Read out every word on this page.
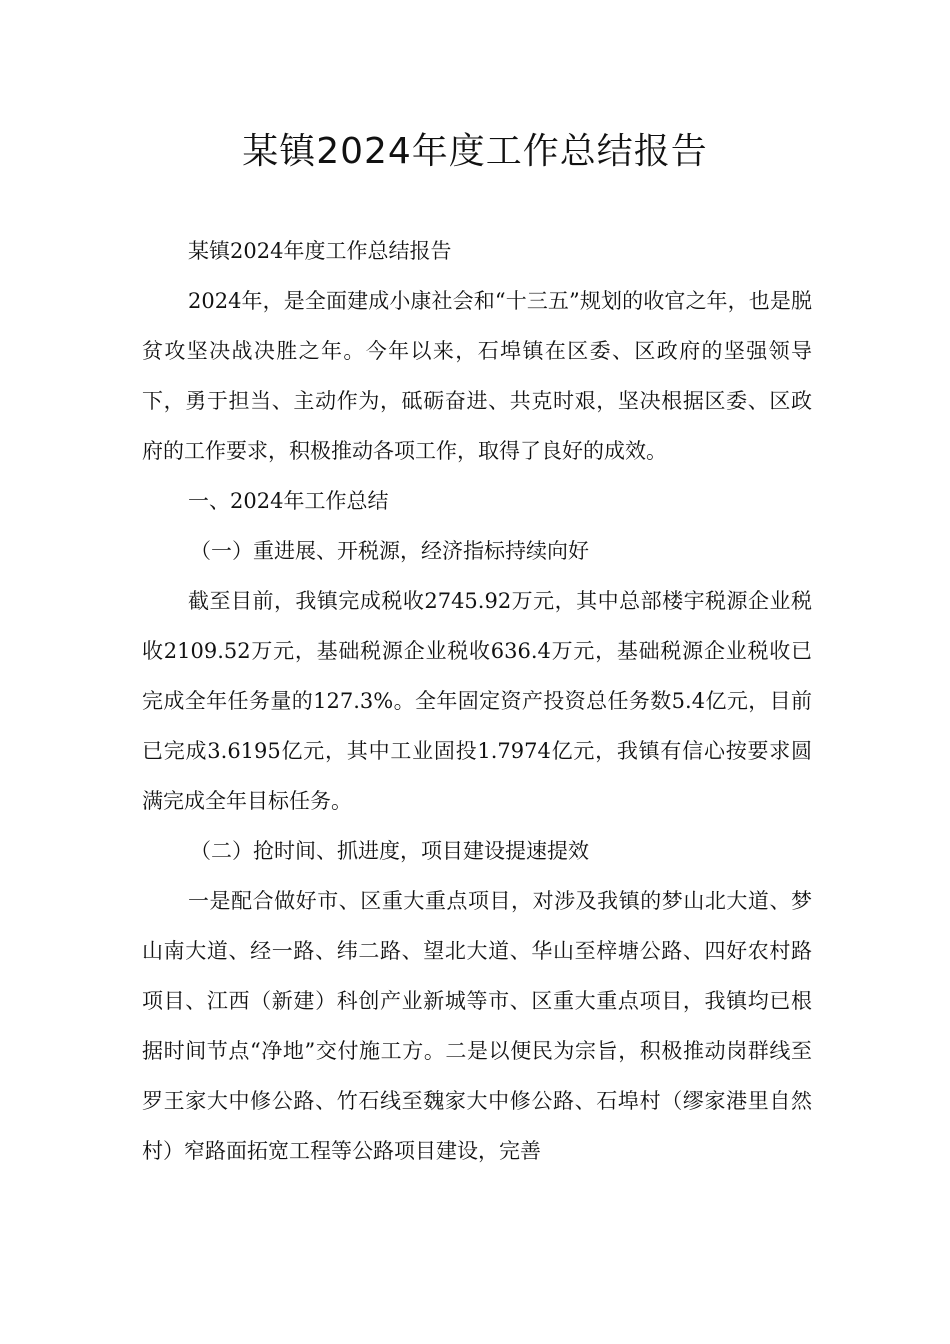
某镇2024年度工作总结报告

某镇2024年度工作总结报告

2024年，是全面建成小康社会和“十三五”规划的收官之年，也是脱贫攻坚决战决胜之年。今年以来，石埠镇在区委、区政府的坚强领导下，勇于担当、主动作为，砥砺奋进、共克时艰，坚决根据区委、区政府的工作要求，积极推动各项工作，取得了良好的成效。

一、2024年工作总结

（一）重进展、开税源，经济指标持续向好

截至目前，我镇完成税收2745.92万元，其中总部楼宇税源企业税收2109.52万元，基础税源企业税收636.4万元，基础税源企业税收已完成全年任务量的127.3%。全年固定资产投资总任务数5.4亿元，目前已完成3.6195亿元，其中工业固投1.7974亿元，我镇有信心按要求圆满完成全年目标任务。

（二）抢时间、抓进度，项目建设提速提效

一是配合做好市、区重大重点项目，对涉及我镇的梦山北大道、梦山南大道、经一路、纬二路、望北大道、华山至梓塘公路、四好农村路项目、江西（新建）科创产业新城等市、区重大重点项目，我镇均已根据时间节点“净地”交付施工方。二是以便民为宗旨，积极推动岗群线至罗王家大中修公路、竹石线至魏家大中修公路、石埠村（缪家港里自然村）窄路面拓宽工程等公路项目建设，完善
